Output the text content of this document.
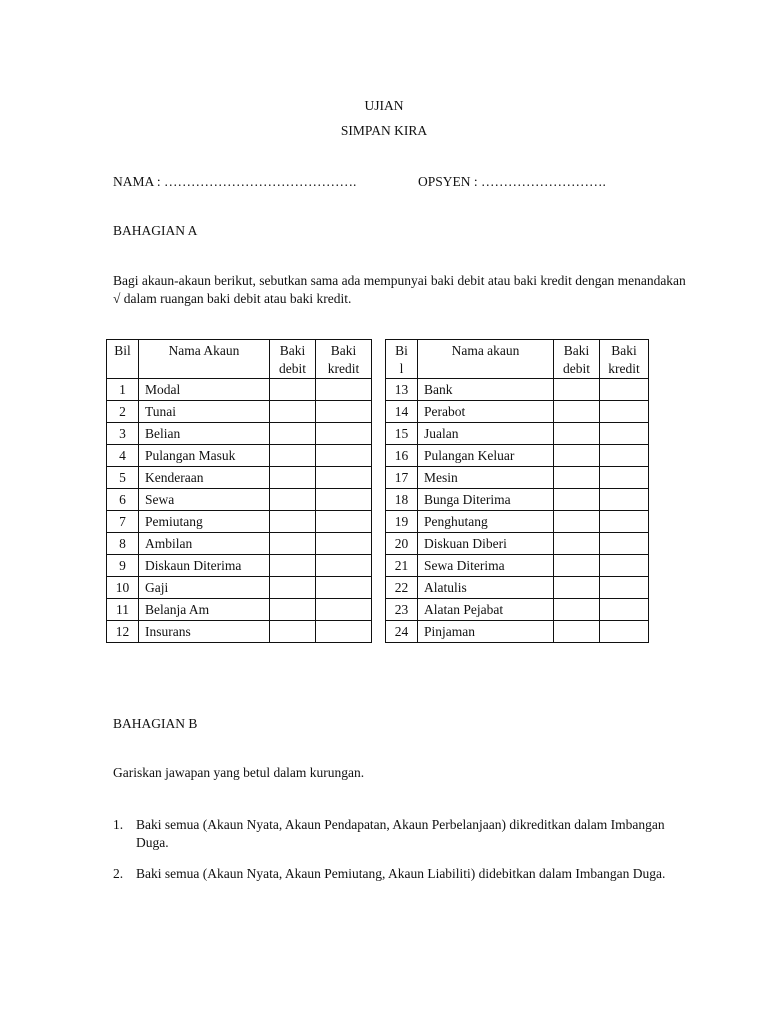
UJIAN
SIMPAN KIRA
NAMA : …………………………………….	OPSYEN : ……………………….
BAHAGIAN A
Bagi akaun-akaun berikut, sebutkan sama ada mempunyai baki debit atau baki kredit dengan menandakan √ dalam ruangan baki debit atau baki kredit.
Bil	Nama Akaun	Baki debit	Baki kredit
1	Modal		
2	Tunai		
3	Belian		
4	Pulangan Masuk		
5	Kenderaan		
6	Sewa		
7	Pemiutang		
8	Ambilan		
9	Diskaun Diterima		
10	Gaji		
11	Belanja Am		
12	Insurans		
Bi l	Nama akaun	Baki debit	Baki kredit
13	Bank		
14	Perabot		
15	Jualan		
16	Pulangan Keluar		
17	Mesin		
18	Bunga Diterima		
19	Penghutang		
20	Diskuan Diberi		
21	Sewa Diterima		
22	Alatulis		
23	Alatan Pejabat		
24	Pinjaman		
BAHAGIAN B
Gariskan jawapan yang betul dalam kurungan.
1. Baki semua (Akaun Nyata, Akaun Pendapatan, Akaun Perbelanjaan) dikreditkan dalam Imbangan Duga.
2. Baki semua (Akaun Nyata, Akaun Pemiutang, Akaun Liabiliti) didebitkan dalam Imbangan Duga.
